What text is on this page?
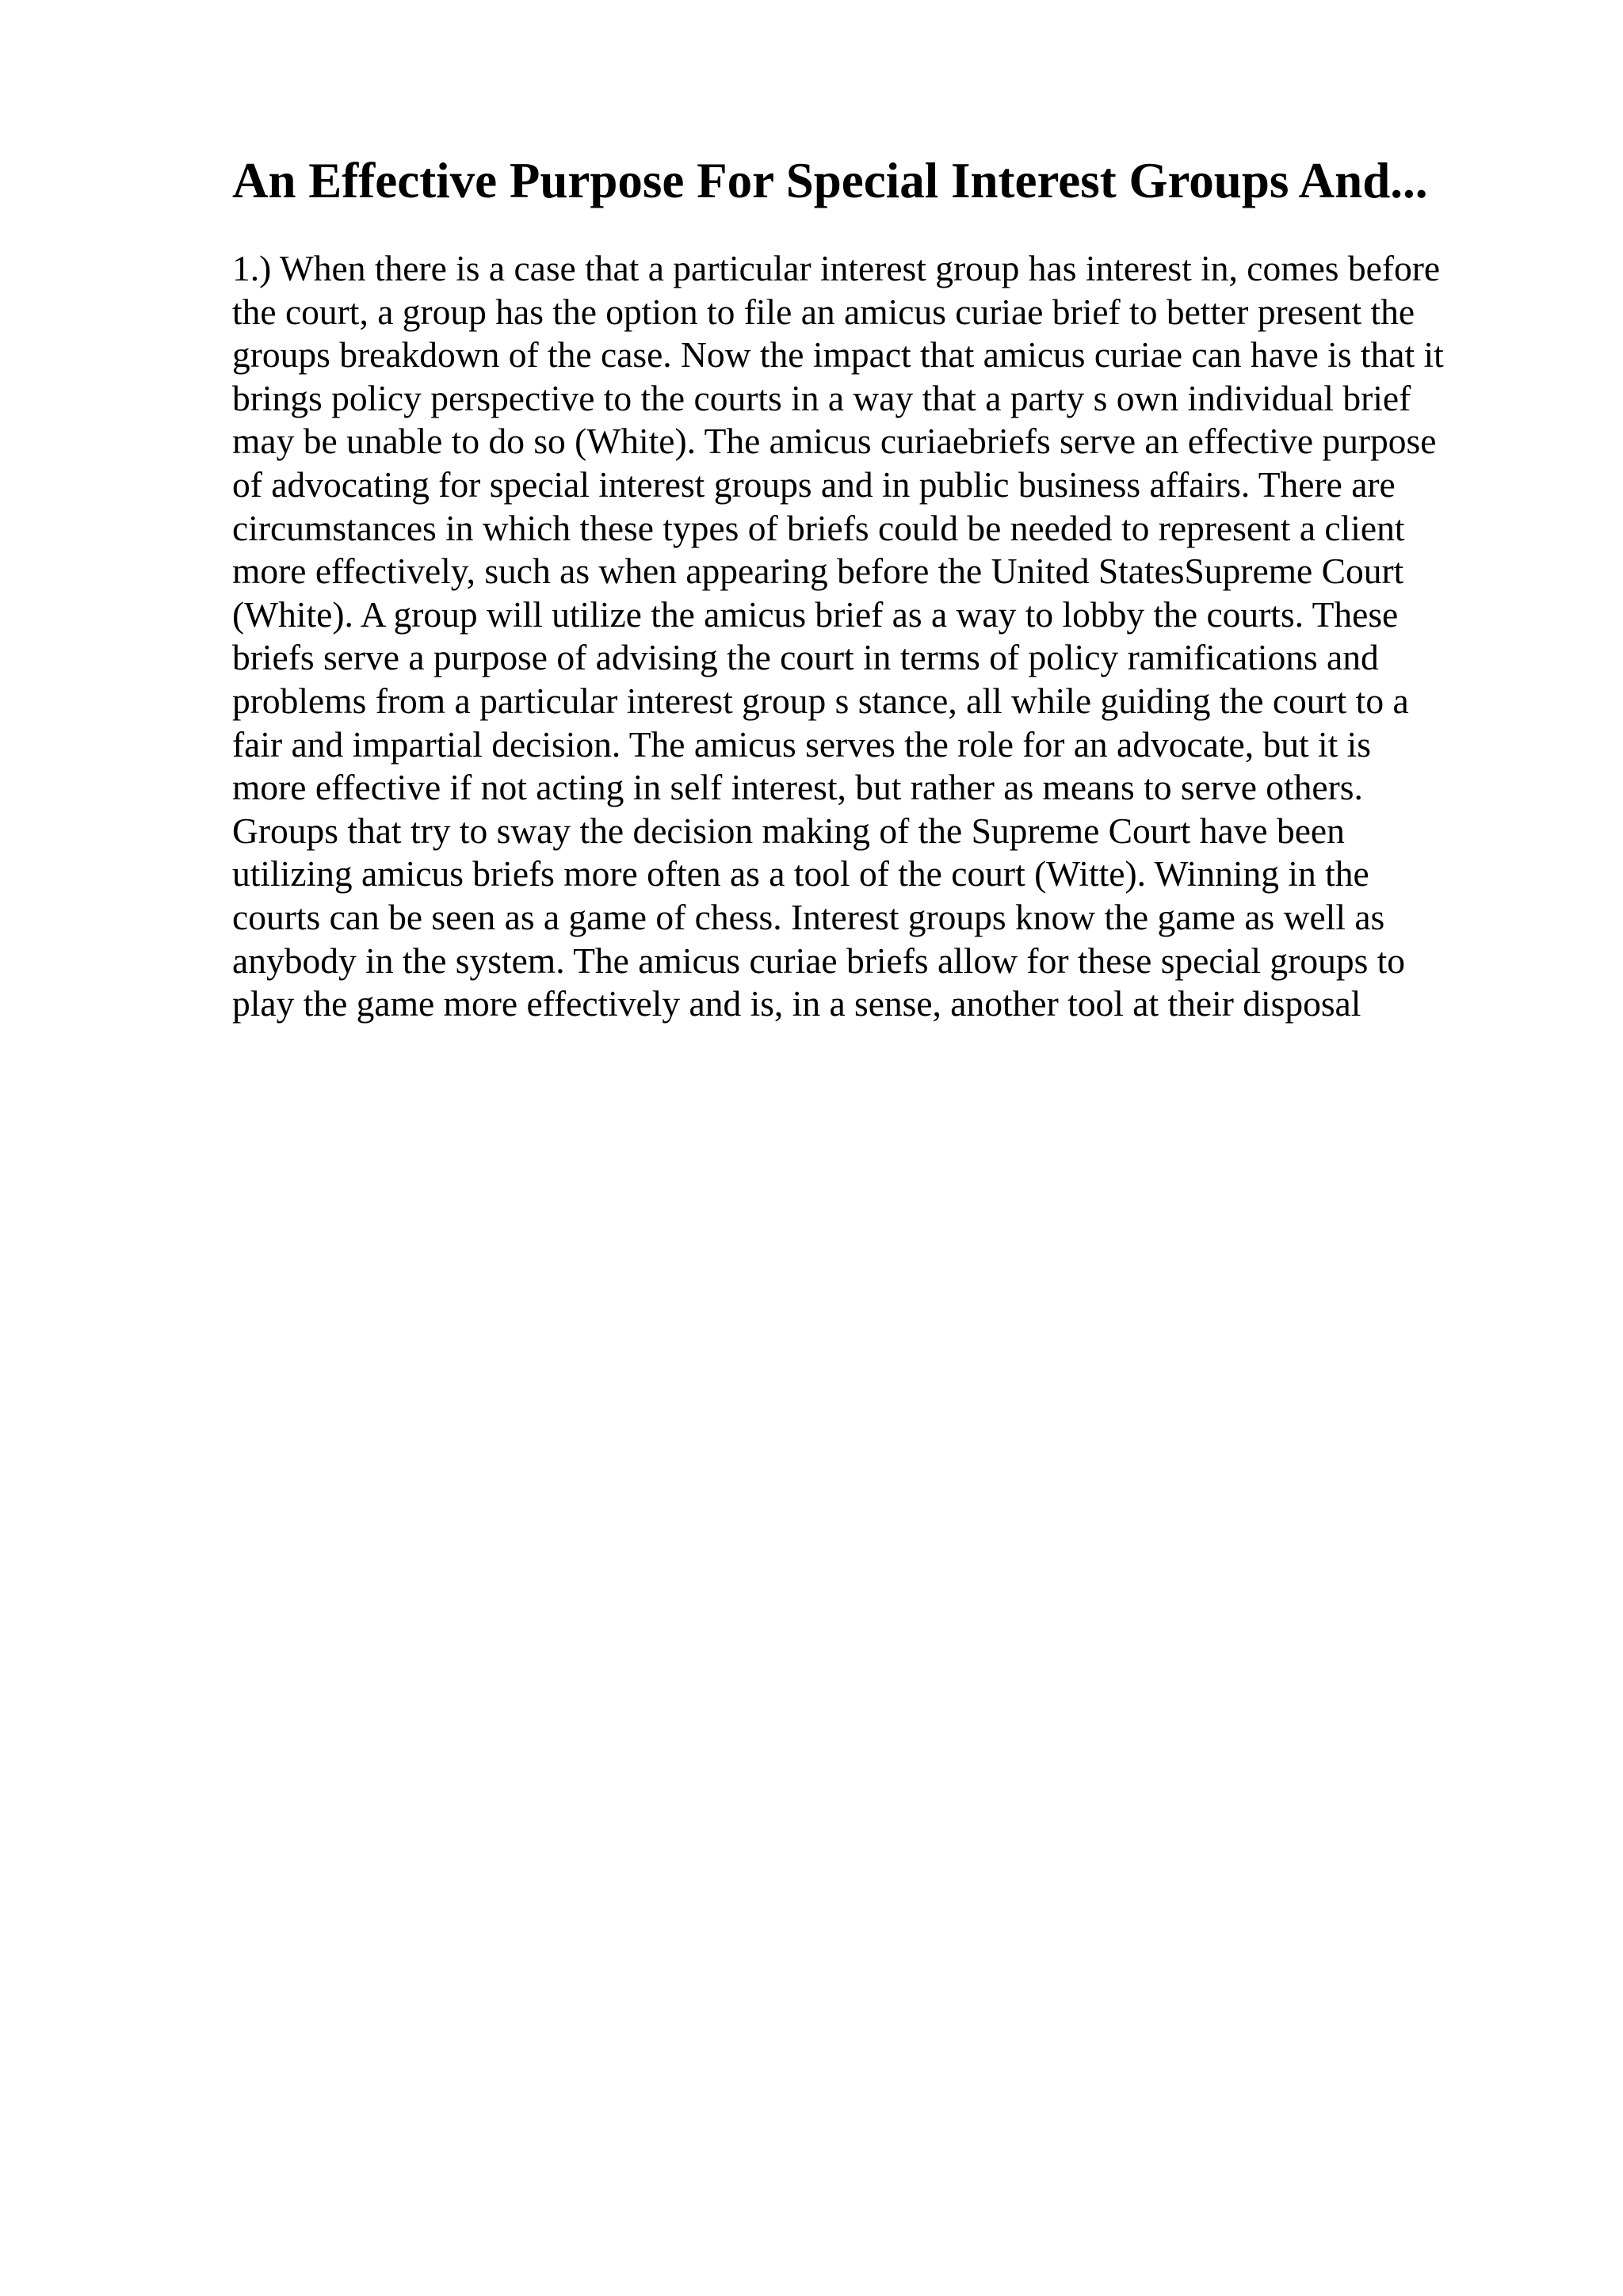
An Effective Purpose For Special Interest Groups And...
1.) When there is a case that a particular interest group has interest in, comes before
the court, a group has the option to file an amicus curiae brief to better present the
groups breakdown of the case. Now the impact that amicus curiae can have is that it
brings policy perspective to the courts in a way that a party s own individual brief
may be unable to do so (White). The amicus curiaebriefs serve an effective purpose
of advocating for special interest groups and in public business affairs. There are
circumstances in which these types of briefs could be needed to represent a client
more effectively, such as when appearing before the United StatesSupreme Court
(White). A group will utilize the amicus brief as a way to lobby the courts. These
briefs serve a purpose of advising the court in terms of policy ramifications and
problems from a particular interest group s stance, all while guiding the court to a
fair and impartial decision. The amicus serves the role for an advocate, but it is
more effective if not acting in self interest, but rather as means to serve others.
Groups that try to sway the decision making of the Supreme Court have been
utilizing amicus briefs more often as a tool of the court (Witte). Winning in the
courts can be seen as a game of chess. Interest groups know the game as well as
anybody in the system. The amicus curiae briefs allow for these special groups to
play the game more effectively and is, in a sense, another tool at their disposal
